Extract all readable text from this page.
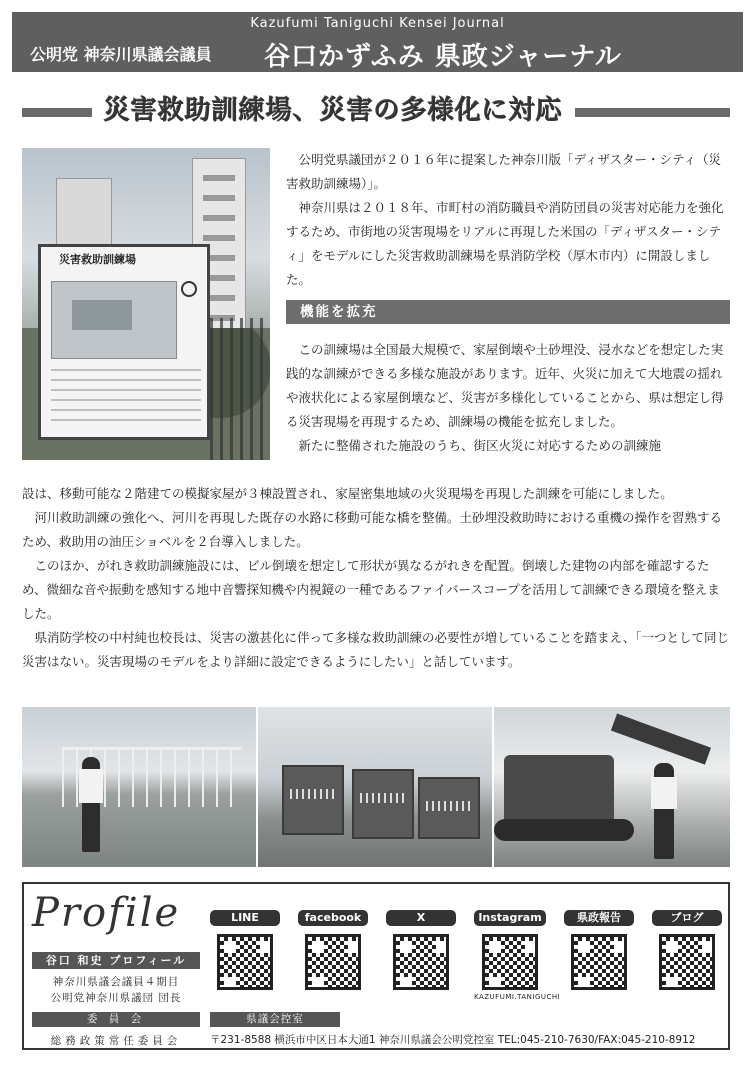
Kazufumi Taniguchi Kensei Journal
公明党 神奈川県議会議員 谷口かずふみ 県政ジャーナル
災害救助訓練場、災害の多様化に対応
災害救助訓練場

公明党県議団が２０１６年に提案した神奈川版「ディザスター・シティ（災害救助訓練場）」。

神奈川県は２０１８年、市町村の消防職員や消防団員の災害対応能力を強化するため、市街地の災害現場をリアルに再現した米国の「ディザスター・シティ」をモデルにした災害救助訓練場を県消防学校（厚木市内）に開設しました。

機能を拡充

この訓練場は全国最大規模で、家屋倒壊や土砂埋没、浸水などを想定した実践的な訓練ができる多様な施設があります。近年、火災に加えて大地震の揺れや液状化による家屋倒壊など、災害が多様化していることから、県は想定し得る災害現場を再現するため、訓練場の機能を拡充しました。

新たに整備された施設のうち、街区火災に対応するための訓練施

設は、移動可能な２階建ての模擬家屋が３棟設置され、家屋密集地域の火災現場を再現した訓練を可能にしました。

河川救助訓練の強化へ、河川を再現した既存の水路に移動可能な橋を整備。土砂埋没救助時における重機の操作を習熟するため、救助用の油圧ショベルを２台導入しました。

このほか、がれき救助訓練施設には、ビル倒壊を想定して形状が異なるがれきを配置。倒壊した建物の内部を確認するため、微細な音や振動を感知する地中音響探知機や内視鏡の一種であるファイバースコープを活用して訓練できる環境を整えました。

県消防学校の中村純也校長は、災害の激甚化に伴って多様な救助訓練の必要性が増していることを踏まえ、「一つとして同じ災害はない。災害現場のモデルをより詳細に設定できるようにしたい」と話しています。

Profile
谷口 和史 プロフィール
神奈川県議会議員４期目
公明党神奈川県議団 団長
委 員 会
総務政策常任委員会
LINE	facebook	X	Instagram
KAZUFUMI.TANIGUCHI
県政報告	ブログ
県議会控室
〒231-8588 横浜市中区日本大通1 神奈川県議会公明党控室 TEL:045-210-7630/FAX:045-210-8912
